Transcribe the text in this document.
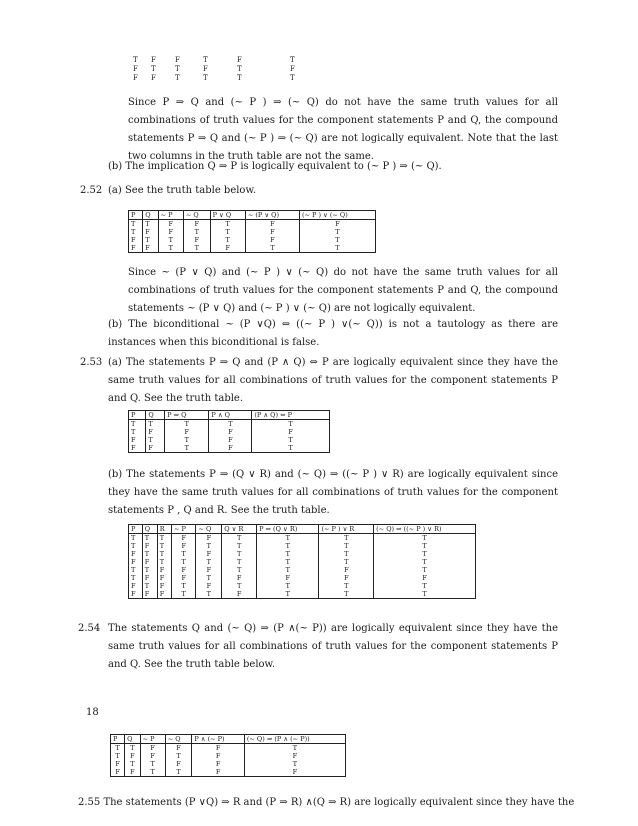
T F	F	T	F	T
F T	T	F	T	F
F F	T	T	T	T
Since P ⇒ Q and (~ P ) ⇒ (~ Q) do not have the same truth values for all combinations of truth values for the component statements P and Q, the compound statements P ⇒ Q and (~ P ) ⇒ (~ Q) are not logically equivalent. Note that the last two columns in the truth table are not the same.
(b) The implication Q ⇒ P is logically equivalent to (~ P ) ⇒ (~ Q).
2.52 (a) See the truth table below.
P	Q	~ P	~ Q	P ∨ Q	~ (P ∨ Q)	(~ P ) ∨ (~ Q)
T	T	F	F	T	F	F
T	F	F	T	T	F	T
F	T	T	F	T	F	T
F	F	T	T	F	T	T
Since ~ (P ∨ Q) and (~ P ) ∨ (~ Q) do not have the same truth values for all combinations of truth values for the component statements P and Q, the compound statements ~ (P ∨ Q) and (~ P ) ∨ (~ Q) are not logically equivalent.
(b) The biconditional ~ (P ∨Q) ⇔ ((~ P ) ∨(~ Q)) is not a tautology as there are instances when this biconditional is false.
2.53 (a) The statements P ⇒ Q and (P ∧ Q) ⇔ P are logically equivalent since they have the same truth values for all combinations of truth values for the component statements P and Q. See the truth table.
P	Q	P ⇒ Q	P ∧ Q	(P ∧ Q) ⇔ P
T	T	T	T	T
T	F	F	F	F
F	T	T	F	T
F	F	T	F	T
(b) The statements P ⇒ (Q ∨ R) and (~ Q) ⇒ ((~ P ) ∨ R) are logically equivalent since they have the same truth values for all combinations of truth values for the component statements P , Q and R. See the truth table.
P	Q	R	~ P	~ Q	Q ∨ R	P ⇒ (Q ∨ R)	(~ P ) ∨ R	(~ Q) ⇒ ((~ P ) ∨ R)
T	T	T	F	F	T	T	T	T
T	F	T	F	T	T	T	T	T
F	T	T	T	F	T	T	T	T
F	F	T	T	T	T	T	T	T
T	T	F	F	F	T	T	F	T
T	F	F	F	T	F	F	F	F
F	T	F	T	F	T	T	T	T
F	F	F	T	T	F	T	T	T
The statements Q and (~ Q) ⇒ (P ∧(~ P)) are logically equivalent since they have the same truth values for all combinations of truth values for the component statements P and Q. See the truth table below.
2.54
18
P	Q	~ P	~ Q	P ∧ (~ P)	(~ Q) ⇒ (P ∧ (~ P))
T	T	F	F	F	T
T	F	F	T	F	F
F	T	T	F	F	T
F	F	T	T	F	F
2.55 The statements (P ∨Q) ⇒ R and (P ⇒ R) ∧(Q ⇒ R) are logically equivalent since they have the
